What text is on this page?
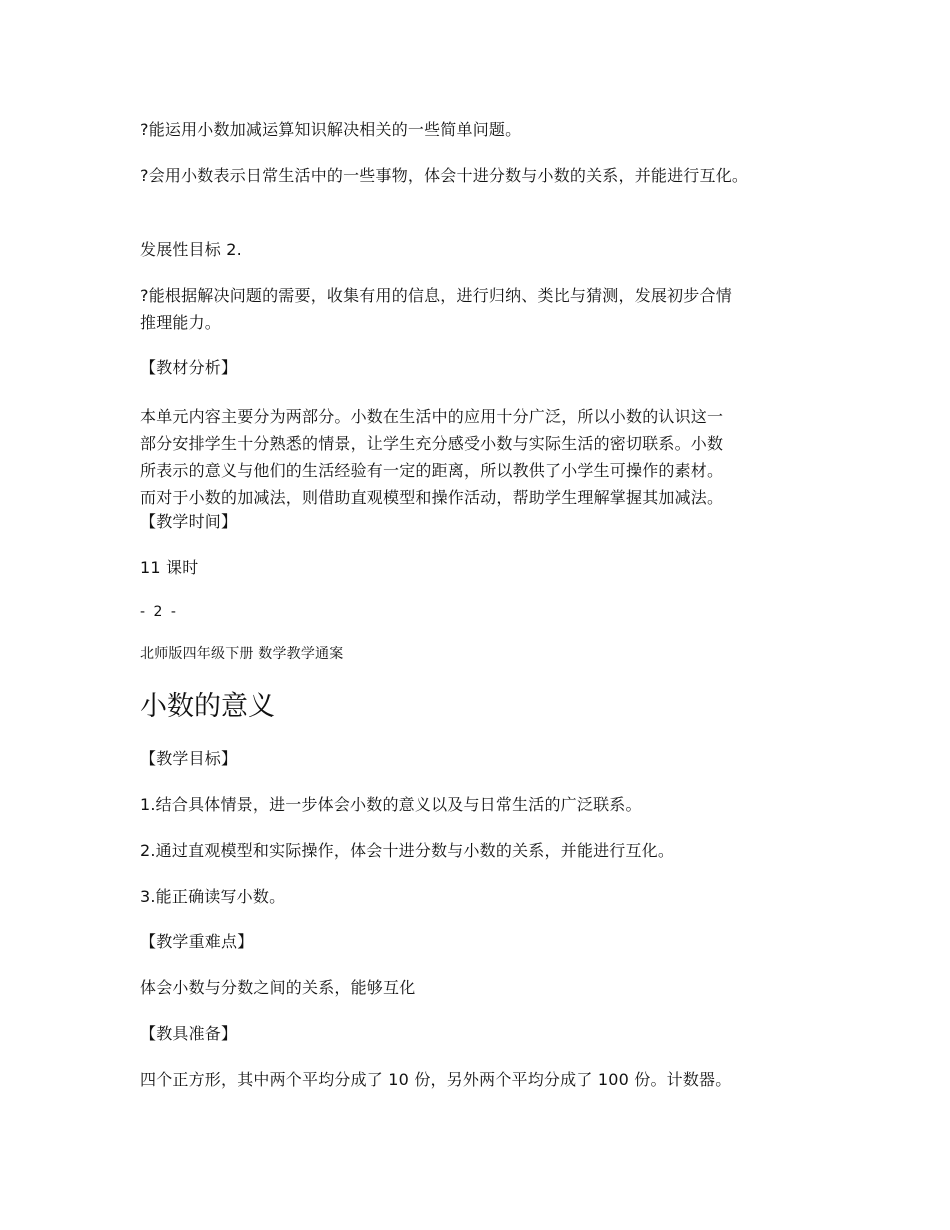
?能运用小数加减运算知识解决相关的一些简单问题。
?会用小数表示日常生活中的一些事物，体会十进分数与小数的关系，并能进行互化。
发展性目标 2.
?能根据解决问题的需要，收集有用的信息，进行归纳、类比与猜测，发展初步合情
推理能力。
【教材分析】
本单元内容主要分为两部分。小数在生活中的应用十分广泛，所以小数的认识这一
部分安排学生十分熟悉的情景，让学生充分感受小数与实际生活的密切联系。小数
所表示的意义与他们的生活经验有一定的距离，所以教供了小学生可操作的素材。
而对于小数的加减法，则借助直观模型和操作活动，帮助学生理解掌握其加减法。
【教学时间】
11 课时
- 2 -
北师版四年级下册 数学教学通案
小数的意义
【教学目标】
1.结合具体情景，进一步体会小数的意义以及与日常生活的广泛联系。
2.通过直观模型和实际操作，体会十进分数与小数的关系，并能进行互化。
3.能正确读写小数。
【教学重难点】
体会小数与分数之间的关系，能够互化
【教具准备】
四个正方形，其中两个平均分成了 10 份，另外两个平均分成了 100 份。计数器。
